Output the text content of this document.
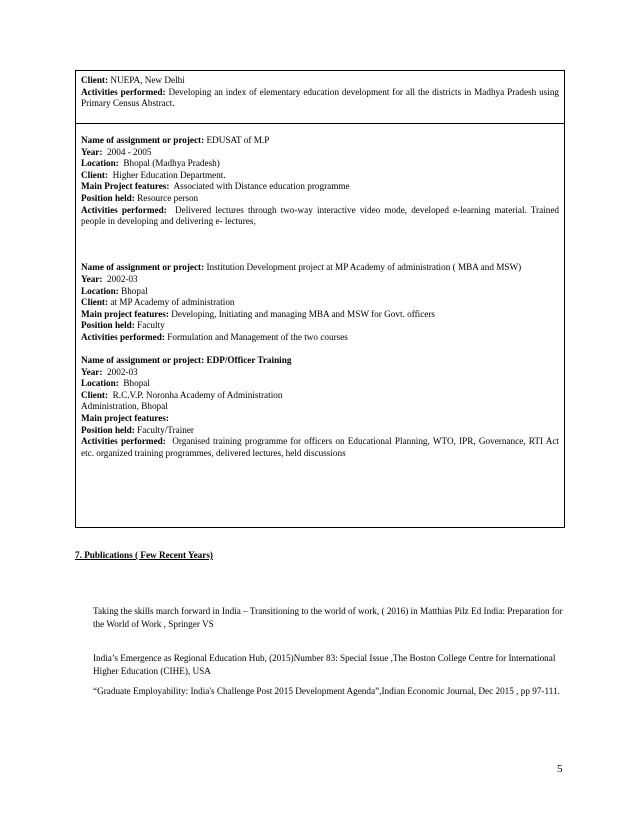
Client: NUEPA, New Delhi
Activities performed: Developing an index of elementary education development for all the districts in Madhya Pradesh using Primary Census Abstract.
Name of assignment or project: EDUSAT of M.P
Year: 2004 - 2005
Location: Bhopal (Madhya Pradesh)
Client: Higher Education Department.
Main Project features: Associated with Distance education programme
Position held: Resource person
Activities performed: Delivered lectures through two-way interactive video mode, developed e-learning material. Trained people in developing and delivering e- lectures,
Name of assignment or project: Institution Development project at MP Academy of administration ( MBA and MSW)
Year: 2002-03
Location: Bhopal
Client: at MP Academy of administration
Main project features: Developing, Initiating and managing MBA and MSW for Govt. officers
Position held: Faculty
Activities performed: Formulation and Management of the two courses
Name of assignment or project: EDP/Officer Training
Year: 2002-03
Location: Bhopal
Client: R.C.V.P. Noronha Academy of Administration
Administration, Bhopal
Main project features:
Position held: Faculty/Trainer
Activities performed: Organised training programme for officers on Educational Planning, WTO, IPR, Governance, RTI Act etc. organized training programmes, delivered lectures, held discussions
7. Publications ( Few Recent Years)
Taking the skills march forward in India – Transitioning to the world of work, ( 2016) in Matthias Pilz Ed India: Preparation for the World of Work , Springer VS
India’s Emergence as Regional Education Hub, (2015)Number 83: Special Issue ,The Boston College Centre for International Higher Education (CIHE), USA
“Graduate Employability: India's Challenge Post 2015 Development Agenda”,Indian Economic Journal, Dec 2015 , pp 97-111.
5
